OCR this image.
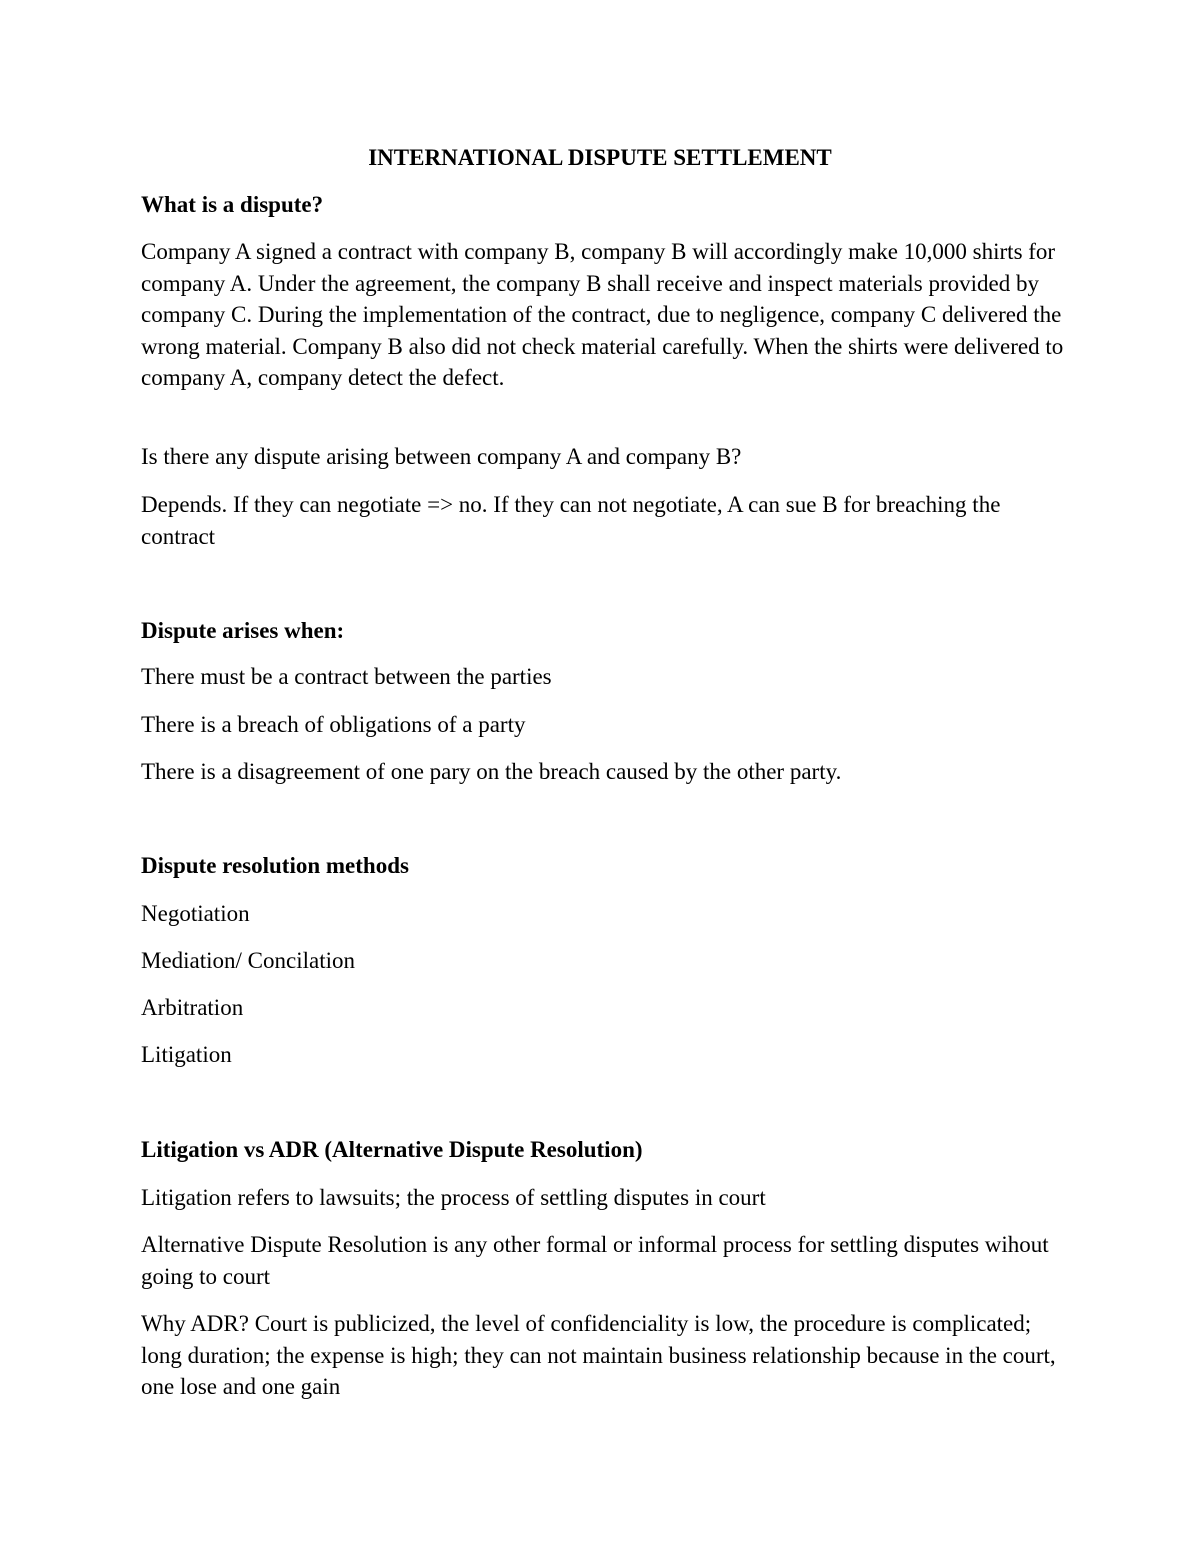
INTERNATIONAL DISPUTE SETTLEMENT

What is a dispute?

Company A signed a contract with company B, company B will accordingly make 10,000 shirts for company A. Under the agreement, the company B shall receive and inspect materials provided by company C. During the implementation of the contract, due to negligence, company C delivered the wrong material. Company B also did not check material carefully. When the shirts were delivered to company A, company detect the defect.

Is there any dispute arising between company A and company B?

Depends. If they can negotiate => no. If they can not negotiate, A can sue B for breaching the contract

Dispute arises when:

There must be a contract between the parties

There is a breach of obligations of a party

There is a disagreement of one pary on the breach caused by the other party.

Dispute resolution methods

Negotiation

Mediation/ Concilation

Arbitration

Litigation

Litigation vs ADR (Alternative Dispute Resolution)

Litigation refers to lawsuits; the process of settling disputes in court

Alternative Dispute Resolution is any other formal or informal process for settling disputes wihout going to court

Why ADR? Court is publicized, the level of confidenciality is low, the procedure is complicated; long duration; the expense is high; they can not maintain business relationship because in the court, one lose and one gain
